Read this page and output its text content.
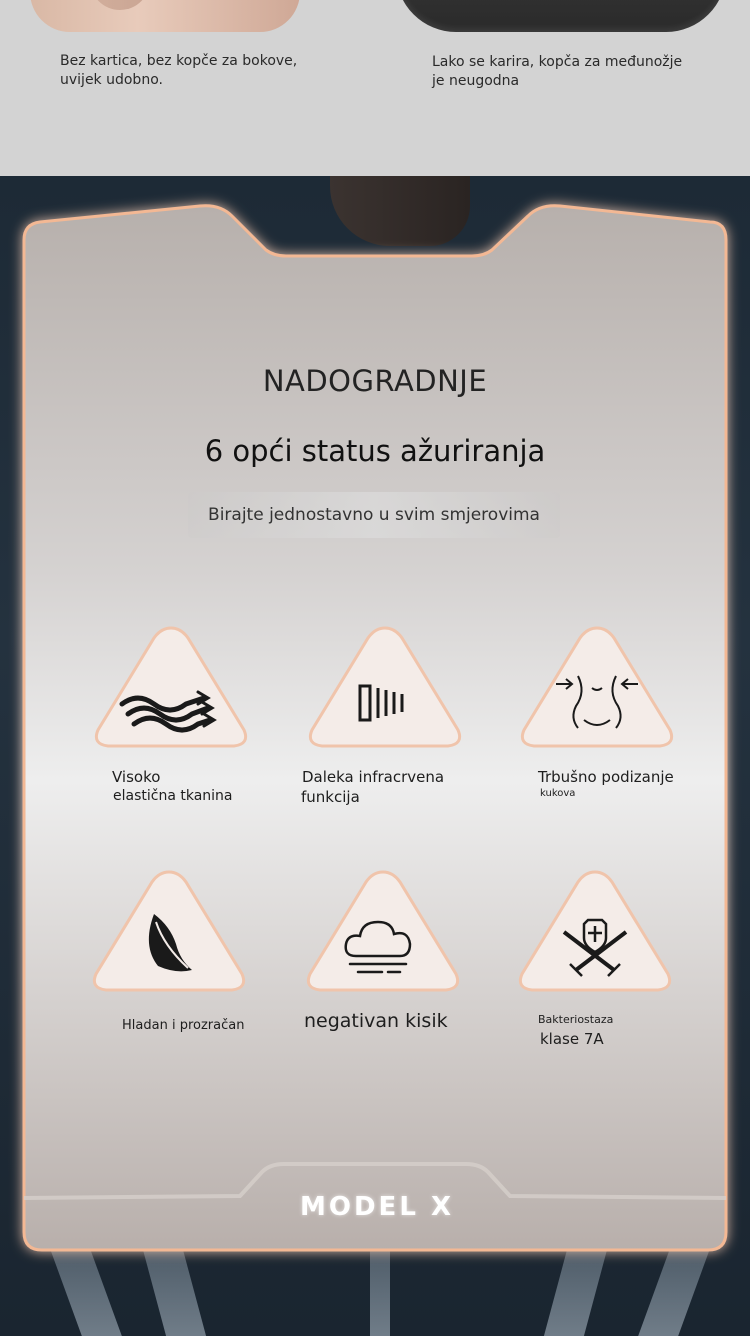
Bez kartica, bez kopče za bokove,
uvijek udobno.
Lako se karira, kopča za međunožje
je neugodna
NADOGRADNJE
6 opći status ažuriranja
Birajte jednostavno u svim smjerovima
Visoko
elastična tkanina
Daleka infracrvena
funkcija
Trbušno podizanje
kukova
Hladan i prozračan	negativan kisik	Bakteriostaza
klase 7A
MODEL X
